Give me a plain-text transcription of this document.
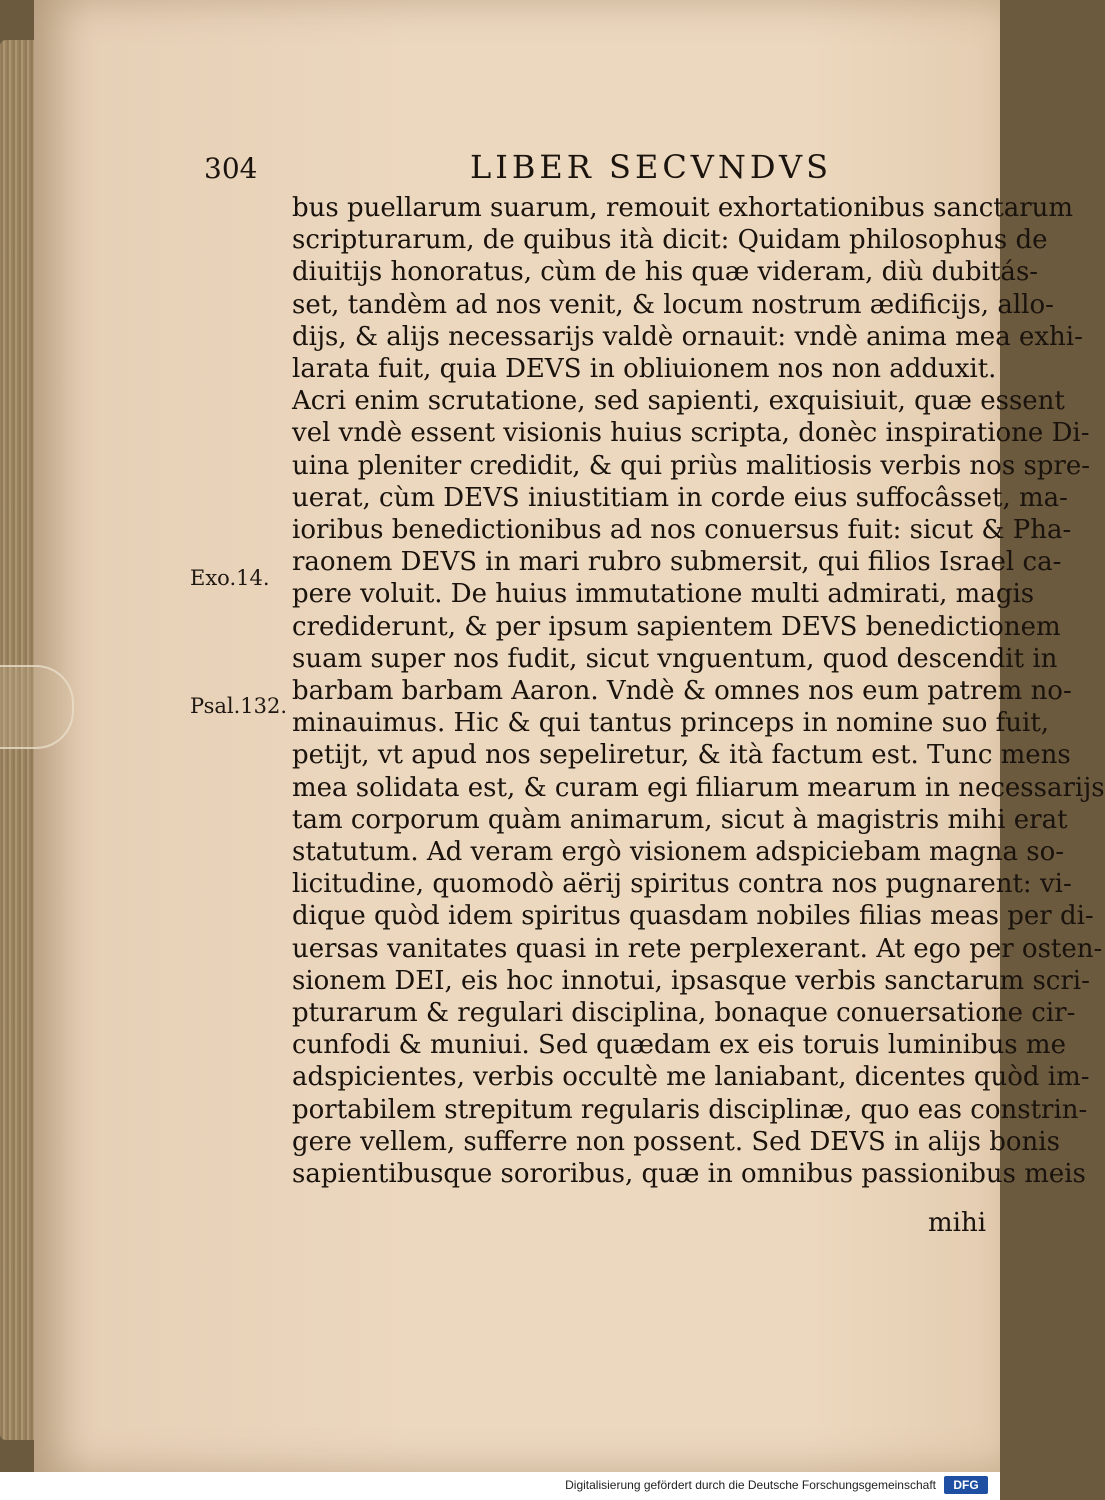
304	LIBER SECVNDVS
Exo.14.
Psal.132.
bus puellarum suarum, remouit exhortationibus sanctarum
scripturarum, de quibus ità dicit: Quidam philosophus de
diuitijs honoratus, cùm de his quæ videram, diù dubitás-
set, tandèm ad nos venit, & locum nostrum ædificijs, allo-
dijs, & alijs necessarijs valdè ornauit: vndè anima mea exhi-
larata fuit, quia DEVS in obliuionem nos non adduxit.
Acri enim scrutatione, sed sapienti, exquisiuit, quæ essent
vel vndè essent visionis huius scripta, donèc inspiratione Di-
uina pleniter credidit, & qui priùs malitiosis verbis nos spre-
uerat, cùm DEVS iniustitiam in corde eius suffocâsset, ma-
ioribus benedictionibus ad nos conuersus fuit: sicut & Pha-
raonem DEVS in mari rubro submersit, qui filios Israel ca-
pere voluit. De huius immutatione multi admirati, magis
crediderunt, & per ipsum sapientem DEVS benedictionem
suam super nos fudit, sicut vnguentum, quod descendit in
barbam barbam Aaron. Vndè & omnes nos eum patrem no-
minauimus. Hic & qui tantus princeps in nomine suo fuit,
petijt, vt apud nos sepeliretur, & ità factum est. Tunc mens
mea solidata est, & curam egi filiarum mearum in necessarijs
tam corporum quàm animarum, sicut à magistris mihi erat
statutum. Ad veram ergò visionem adspiciebam magna so-
licitudine, quomodò aërij spiritus contra nos pugnarent: vi-
dique quòd idem spiritus quasdam nobiles filias meas per di-
uersas vanitates quasi in rete perplexerant. At ego per osten-
sionem DEI, eis hoc innotui, ipsasque verbis sanctarum scri-
pturarum & regulari disciplina, bonaque conuersatione cir-
cunfodi & muniui. Sed quædam ex eis toruis luminibus me
adspicientes, verbis occultè me laniabant, dicentes quòd im-
portabilem strepitum regularis disciplinæ, quo eas constrin-
gere vellem, sufferre non possent. Sed DEVS in alijs bonis
sapientibusque sororibus, quæ in omnibus passionibus meis
mihi
Digitalisierung gefördert durch die Deutsche Forschungsgemeinschaft	DFG
